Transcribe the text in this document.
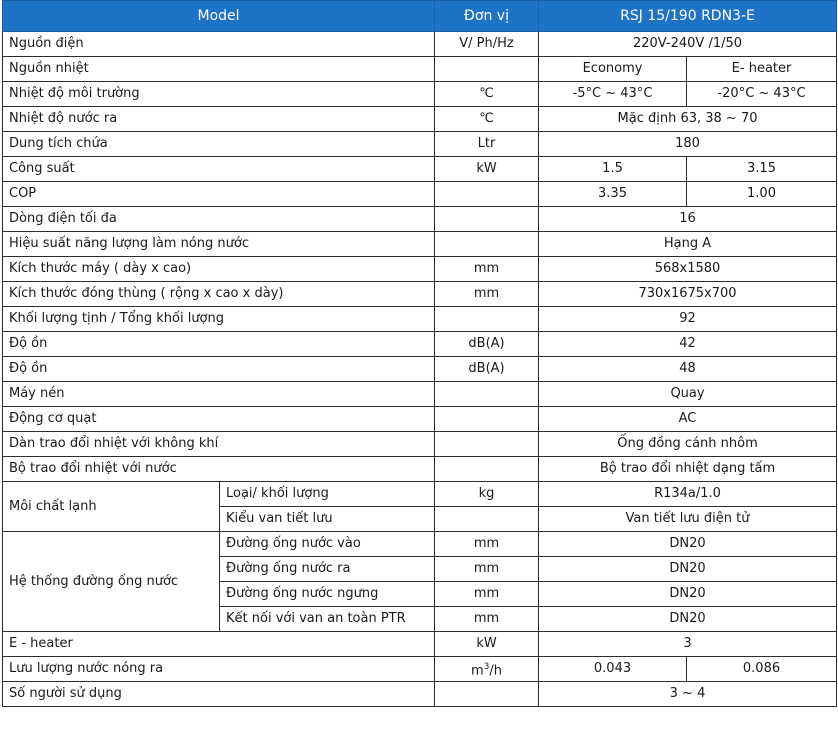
Model		Đơn vị	RSJ 15/190 RDN3-E	
Nguồn điện		V/ Ph/Hz	220V-240V /1/50	
Nguồn nhiệt			Economy	E- heater
Nhiệt độ môi trường		℃	-5°C ~ 43°C	-20°C ~ 43°C
Nhiệt độ nước ra		℃	Mặc định 63, 38 ~ 70	
Dung tích chứa		Ltr	180	
Công suất		kW	1.5	3.15
COP			3.35	1.00
Dòng điện tối đa			16	
Hiệu suất năng lượng làm nóng nước			Hạng A	
Kích thước máy ( dày x cao)		mm	568x1580	
Kích thước đóng thùng ( rộng x cao x dày)		mm	730x1675x700	
Khối lượng tịnh / Tổng khối lượng			92	
Độ ồn		dB(A)	42	
Độ ồn		dB(A)	48	
Máy nén			Quay	
Động cơ quạt			AC	
Dàn trao đổi nhiệt với không khí			Ống đồng cánh nhôm	
Bộ trao đổi nhiệt với nước			Bộ trao đổi nhiệt dạng tấm	
Môi chất lạnh	Loại/ khối lượng	kg	R134a/1.0	
	Kiểu van tiết lưu		Van tiết lưu điện tử	
Hệ thống đường ống nước	Đường ống nước vào	mm	DN20	
	Đường ống nước ra	mm	DN20	
	Đường ống nước ngưng	mm	DN20	
	Kết nối với van an toàn PTR	mm	DN20	
E - heater		kW	3	
Lưu lượng nước nóng ra		$m^3/h$	0.043	0.086
Số người sử dụng			3 ~ 4	
